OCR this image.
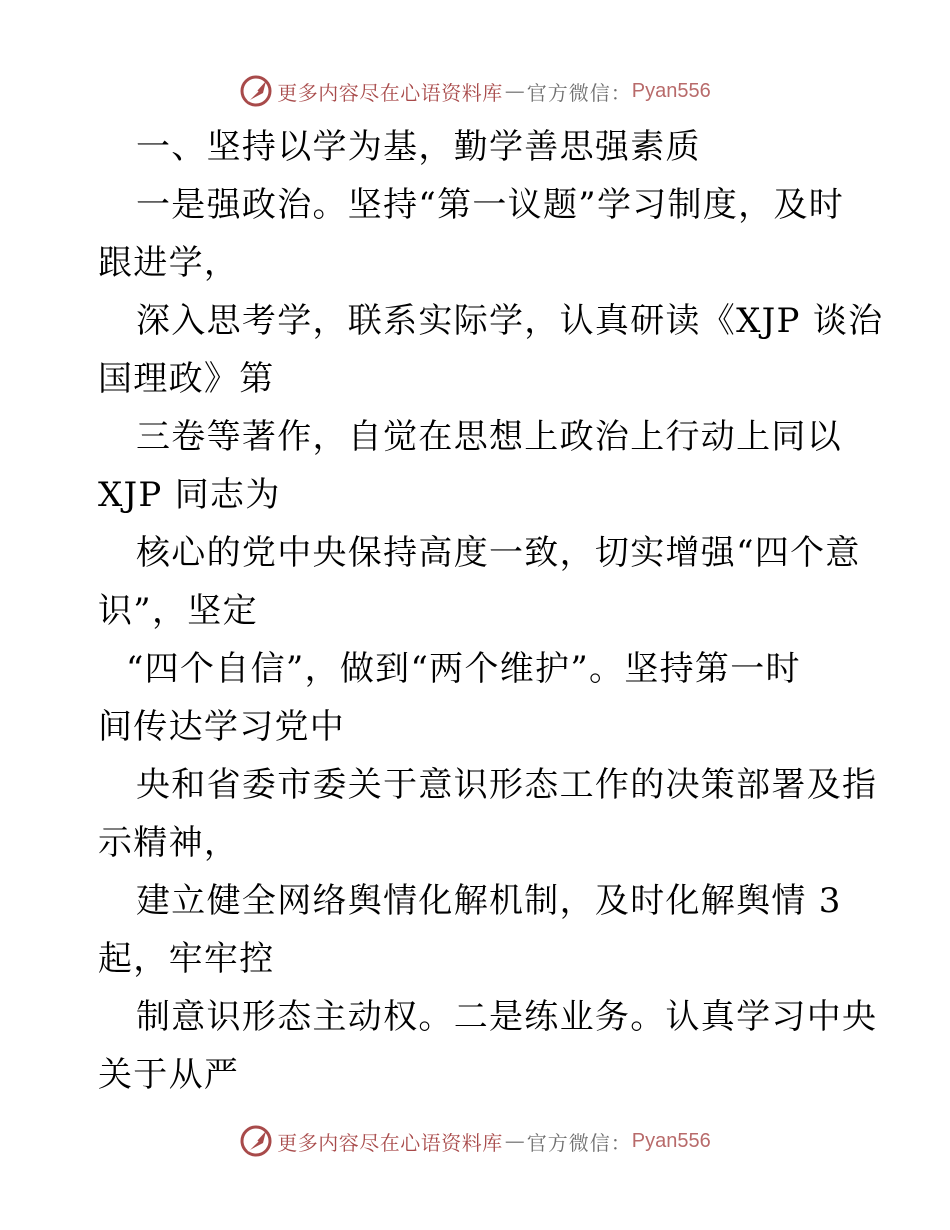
更多内容尽在心语资料库 — 官方微信： Pyan556
一、坚持以学为基，勤学善思强素质
一是强政治。坚持“第一议题”学习制度，及时
跟进学，
深入思考学，联系实际学，认真研读《XJP 谈治
国理政》第
三卷等著作，自觉在思想上政治上行动上同以
XJP 同志为
核心的党中央保持高度一致，切实增强“四个意
识”，坚定
“四个自信”，做到“两个维护”。坚持第一时
间传达学习党中
央和省委市委关于意识形态工作的决策部署及指
示精神，
建立健全网络舆情化解机制，及时化解舆情 3
起，牢牢控
制意识形态主动权。二是练业务。认真学习中央
关于从严
更多内容尽在心语资料库 — 官方微信： Pyan556
